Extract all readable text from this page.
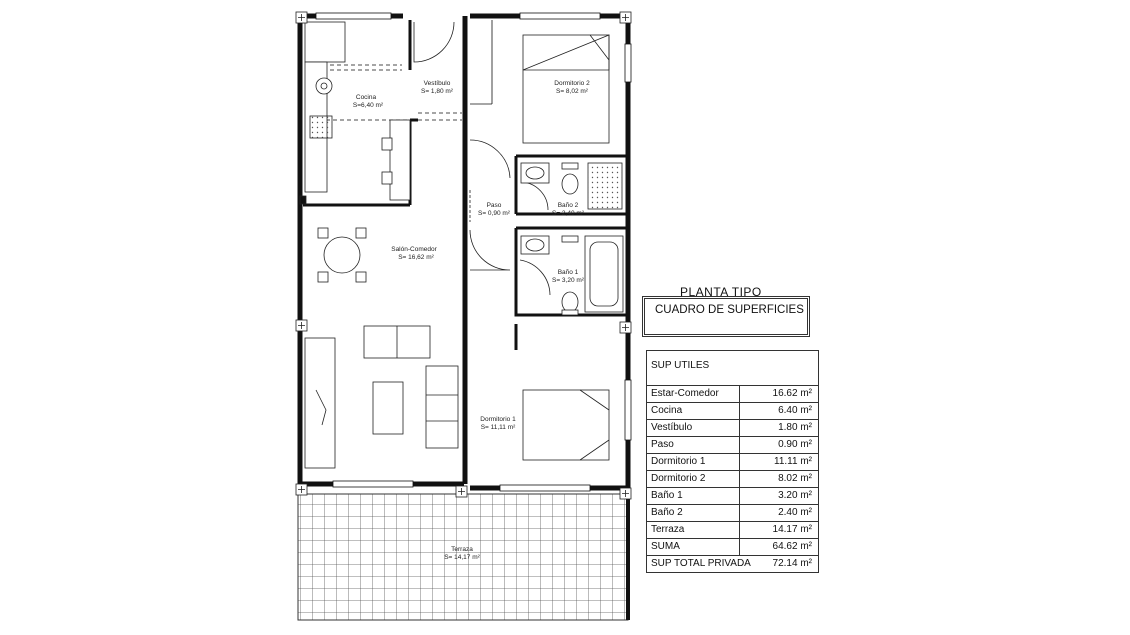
Cocina
S=6,40 m²
Vestíbulo
S= 1,80 m²
Dormitorio 2
S= 8,02 m²
Paso
S= 0,90 m²
Baño 2
S= 2,40 m²
Salón-Comedor
S= 16,62 m²
Baño 1
S= 3,20 m²
Dormitorio 1
S= 11,11 m²
Terraza
S= 14,17 m²
PLANTA TIPO
CUADRO DE SUPERFICIES
SUP UTILES
Estar-Comedor	16.62 m²
Cocina	6.40 m²
Vestíbulo	1.80 m²
Paso	0.90 m²
Dormitorio 1	11.11 m²
Dormitorio 2	8.02 m²
Baño 1	3.20 m²
Baño 2	2.40 m²
Terraza	14.17 m²
SUMA	64.62 m²
SUP TOTAL PRIVADA	72.14 m²
